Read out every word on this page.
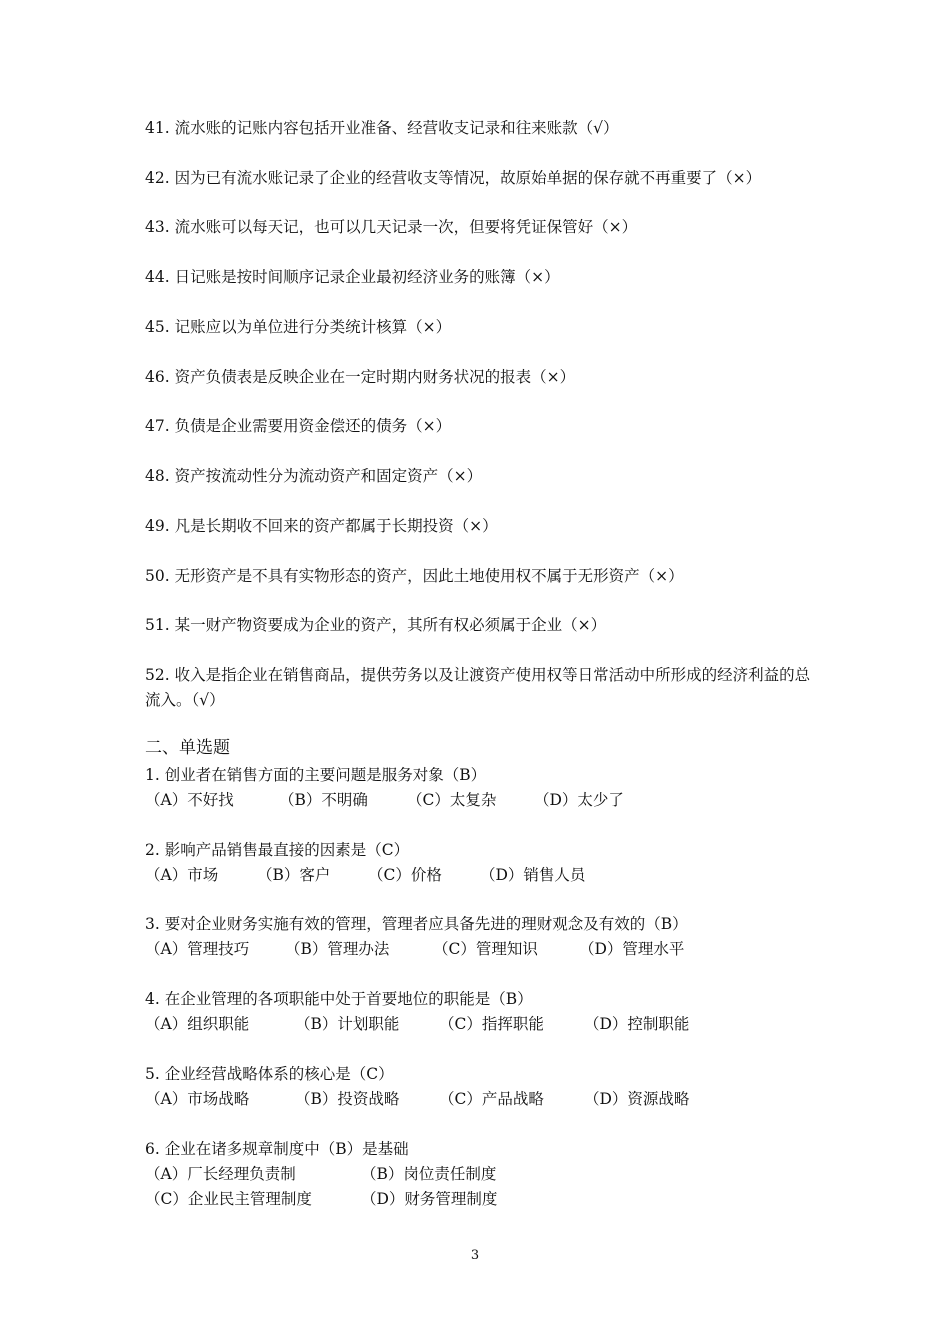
41. 流水账的记账内容包括开业准备、经营收支记录和往来账款（√）

42. 因为已有流水账记录了企业的经营收支等情况，故原始单据的保存就不再重要了（×）

43. 流水账可以每天记，也可以几天记录一次，但要将凭证保管好（×）

44. 日记账是按时间顺序记录企业最初经济业务的账簿（×）

45. 记账应以为单位进行分类统计核算（×）

46. 资产负债表是反映企业在一定时期内财务状况的报表（×）

47. 负债是企业需要用资金偿还的债务（×）

48. 资产按流动性分为流动资产和固定资产（×）

49. 凡是长期收不回来的资产都属于长期投资（×）

50. 无形资产是不具有实物形态的资产，因此土地使用权不属于无形资产（×）

51. 某一财产物资要成为企业的资产，其所有权必须属于企业（×）

52. 收入是指企业在销售商品，提供劳务以及让渡资产使用权等日常活动中所形成的经济利益的总流入。（√）

二、单选题

1. 创业者在销售方面的主要问题是服务对象（B）
（A）不好找	（B）不明确	（C）太复杂	（D）太少了
2. 影响产品销售最直接的因素是（C）
（A）市场	（B）客户	（C）价格	（D）销售人员
3. 要对企业财务实施有效的管理，管理者应具备先进的理财观念及有效的（B）
（A）管理技巧	（B）管理办法	（C）管理知识	（D）管理水平
4. 在企业管理的各项职能中处于首要地位的职能是（B）
（A）组织职能	（B）计划职能	（C）指挥职能	（D）控制职能
5. 企业经营战略体系的核心是（C）
（A）市场战略	（B）投资战略	（C）产品战略	（D）资源战略
6. 企业在诸多规章制度中（B）是基础
（A）厂长经理负责制	（B）岗位责任制度
（C）企业民主管理制度	（D）财务管理制度
3
